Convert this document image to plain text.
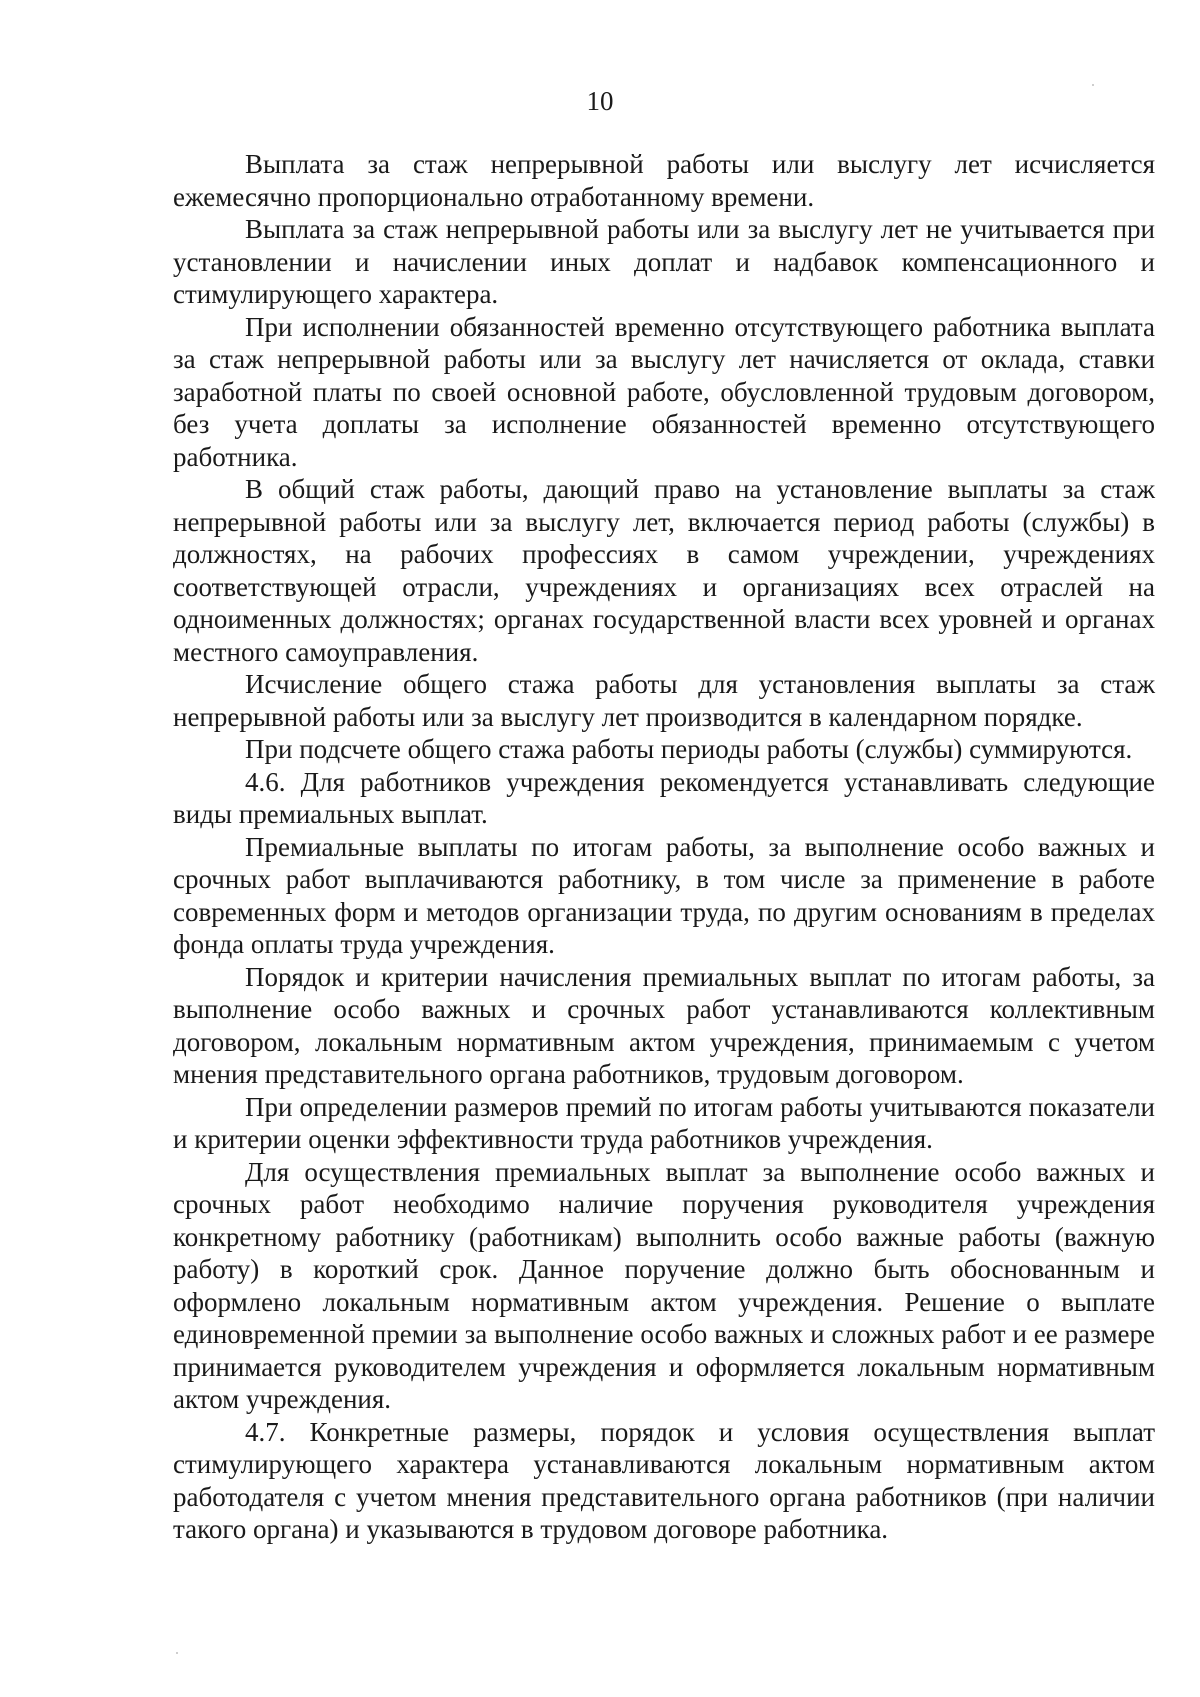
10

Выплата за стаж непрерывной работы или выслугу лет исчисляется ежемесячно пропорционально отработанному времени.

Выплата за стаж непрерывной работы или за выслугу лет не учитывается при установлении и начислении иных доплат и надбавок компенсационного и стимулирующего характера.

При исполнении обязанностей временно отсутствующего работника выплата за стаж непрерывной работы или за выслугу лет начисляется от оклада, ставки заработной платы по своей основной работе, обусловленной трудовым договором, без учета доплаты за исполнение обязанностей временно отсутствующего работника.

В общий стаж работы, дающий право на установление выплаты за стаж непрерывной работы или за выслугу лет, включается период работы (службы) в должностях, на рабочих профессиях в самом учреждении, учреждениях соответствующей отрасли, учреждениях и организациях всех отраслей на одноименных должностях; органах государственной власти всех уровней и органах местного самоуправления.

Исчисление общего стажа работы для установления выплаты за стаж непрерывной работы или за выслугу лет производится в календарном порядке.

При подсчете общего стажа работы периоды работы (службы) суммируются.

4.6. Для работников учреждения рекомендуется устанавливать следующие виды премиальных выплат.

Премиальные выплаты по итогам работы, за выполнение особо важных и срочных работ выплачиваются работнику, в том числе за применение в работе современных форм и методов организации труда, по другим основаниям в пределах фонда оплаты труда учреждения.

Порядок и критерии начисления премиальных выплат по итогам работы, за выполнение особо важных и срочных работ устанавливаются коллективным договором, локальным нормативным актом учреждения, принимаемым с учетом мнения представительного органа работников, трудовым договором.

При определении размеров премий по итогам работы учитываются показатели и критерии оценки эффективности труда работников учреждения.

Для осуществления премиальных выплат за выполнение особо важных и срочных работ необходимо наличие поручения руководителя учреждения конкретному работнику (работникам) выполнить особо важные работы (важную работу) в короткий срок. Данное поручение должно быть обоснованным и оформлено локальным нормативным актом учреждения. Решение о выплате единовременной премии за выполнение особо важных и сложных работ и ее размере принимается руководителем учреждения и оформляется локальным нормативным актом учреждения.

4.7. Конкретные размеры, порядок и условия осуществления выплат стимулирующего характера устанавливаются локальным нормативным актом работодателя с учетом мнения представительного органа работников (при наличии такого органа) и указываются в трудовом договоре работника.
